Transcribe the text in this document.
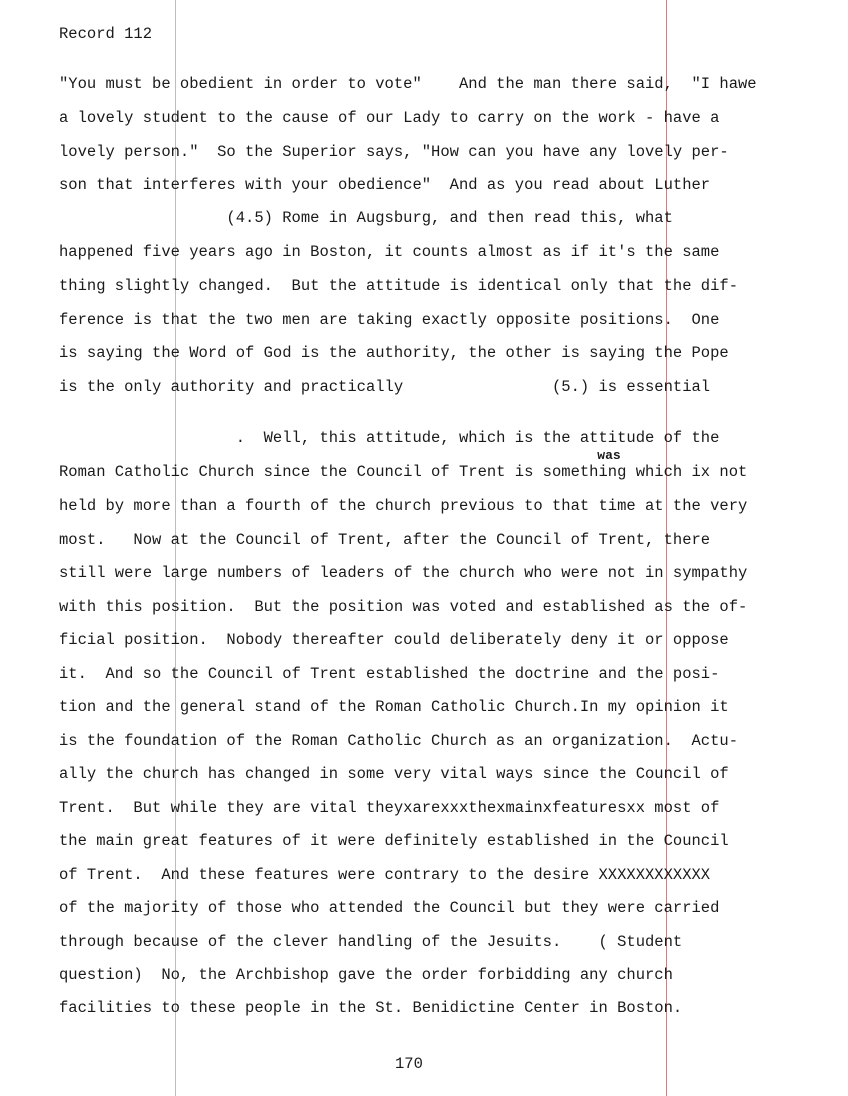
Record 112
"You must be obedient in order to vote"    And the man there said,  "I hawe
a lovely student to the cause of our Lady to carry on the work - have a
lovely person."  So the Superior says, "How can you have any lovely per-
son that interferes with your obedience"  And as you read about Luther
(4.5) Rome in Augsburg, and then read this, what
happened five years ago in Boston, it counts almost as if it's the same
thing slightly changed.  But the attitude is identical only that the dif-
ference is that the two men are taking exactly opposite positions.  One
is saying the Word of God is the authority, the other is saying the Pope
is the only authority and practically                (5.) is essential
.  Well, this attitude, which is the attitude of the
was
Roman Catholic Church since the Council of Trent is something which ix not
held by more than a fourth of the church previous to that time at the very
most.   Now at the Council of Trent, after the Council of Trent, there
still were large numbers of leaders of the church who were not in sympathy
with this position.  But the position was voted and established as the of-
ficial position.  Nobody thereafter could deliberately deny it or oppose
it.  And so the Council of Trent established the doctrine and the posi-
tion and the general stand of the Roman Catholic Church.In my opinion it
is the foundation of the Roman Catholic Church as an organization.  Actu-
ally the church has changed in some very vital ways since the Council of
Trent.  But while they are vital theyxarexxxthexmainxfeaturesxx most of
the main great features of it were definitely established in the Council
of Trent.  And these features were contrary to the desire XXXXXXXXXXXX
of the majority of those who attended the Council but they were carried
through because of the clever handling of the Jesuits.    ( Student
question)  No, the Archbishop gave the order forbidding any church
facilities to these people in the St. Benidictine Center in Boston.
170
